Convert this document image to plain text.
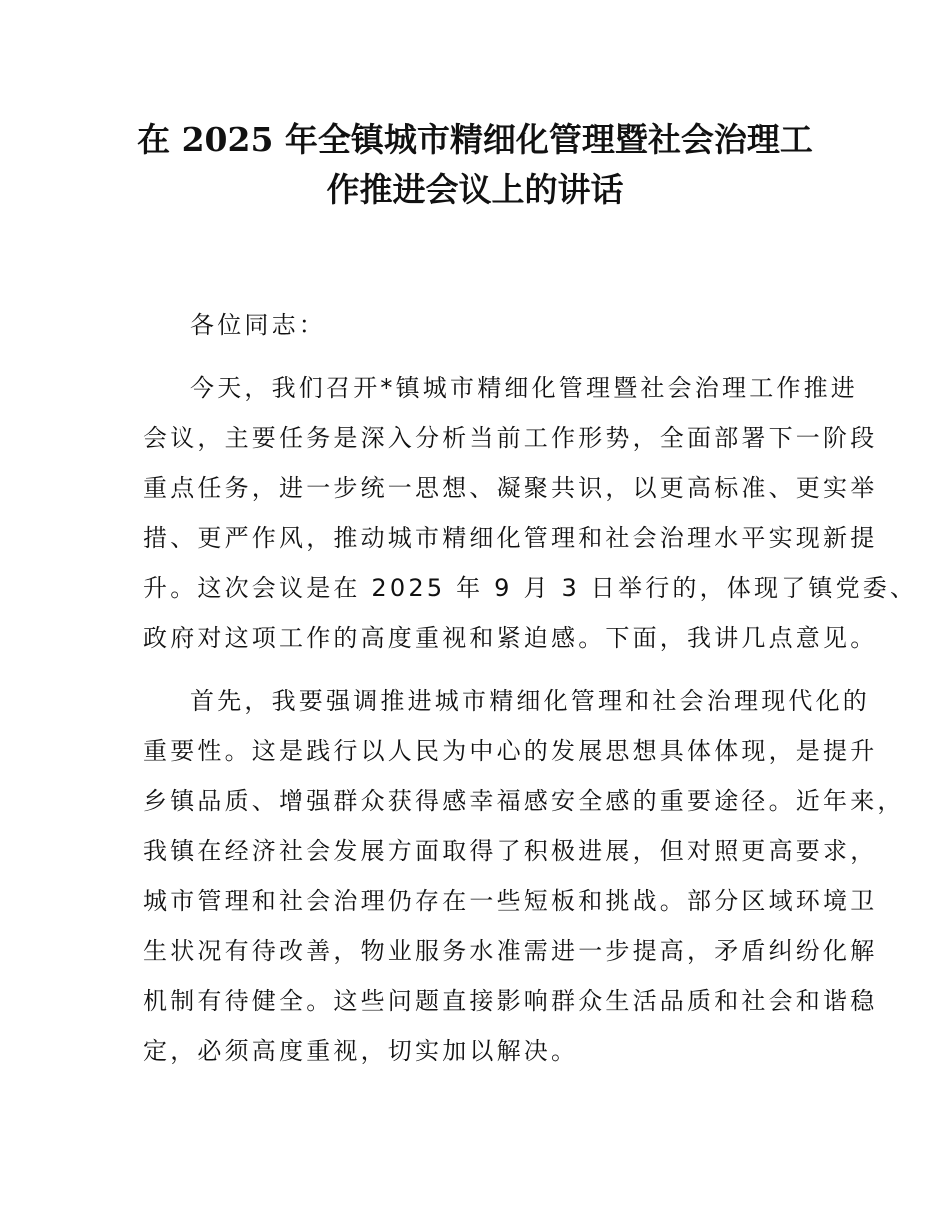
在 2025 年全镇城市精细化管理暨社会治理工
作推进会议上的讲话

各位同志：

今天，我们召开*镇城市精细化管理暨社会治理工作推进

会议，主要任务是深入分析当前工作形势，全面部署下一阶段

重点任务，进一步统一思想、凝聚共识，以更高标准、更实举

措、更严作风，推动城市精细化管理和社会治理水平实现新提

升。这次会议是在 2025 年 9 月 3 日举行的，体现了镇党委、

政府对这项工作的高度重视和紧迫感。下面，我讲几点意见。

首先，我要强调推进城市精细化管理和社会治理现代化的

重要性。这是践行以人民为中心的发展思想具体体现，是提升

乡镇品质、增强群众获得感幸福感安全感的重要途径。近年来，

我镇在经济社会发展方面取得了积极进展，但对照更高要求，

城市管理和社会治理仍存在一些短板和挑战。部分区域环境卫

生状况有待改善，物业服务水准需进一步提高，矛盾纠纷化解

机制有待健全。这些问题直接影响群众生活品质和社会和谐稳

定，必须高度重视，切实加以解决。
